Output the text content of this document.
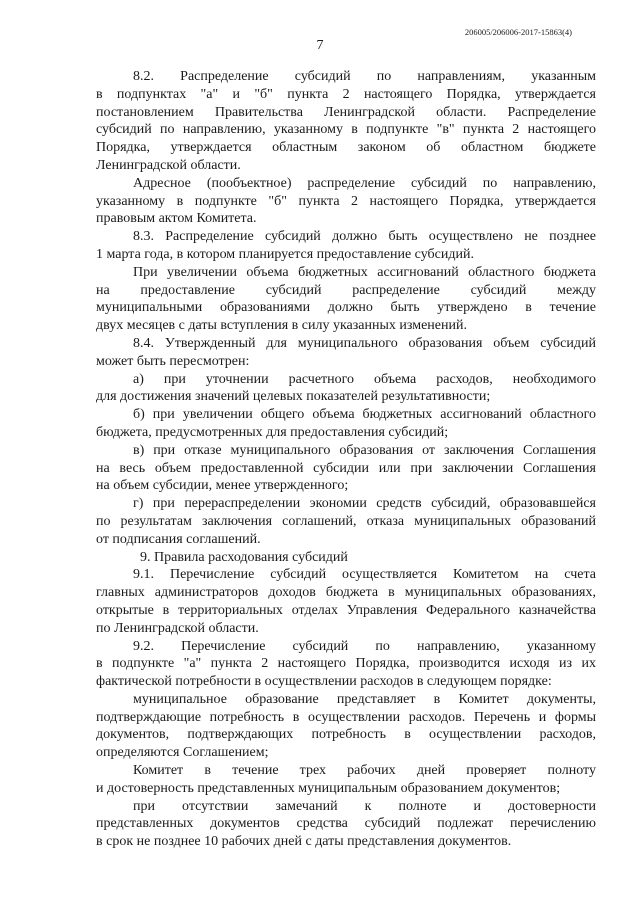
206005/206006-2017-15863(4)
7
8.2. Распределение субсидий по направлениям, указанным
в подпунктах "а" и "б" пункта 2 настоящего Порядка, утверждается
постановлением Правительства Ленинградской области. Распределение
субсидий по направлению, указанному в подпункте "в" пункта 2 настоящего
Порядка, утверждается областным законом об областном бюджете
Ленинградской области.
Адресное (пообъектное) распределение субсидий по направлению,
указанному в подпункте "б" пункта 2 настоящего Порядка, утверждается
правовым актом Комитета.
8.3. Распределение субсидий должно быть осуществлено не позднее
1 марта года, в котором планируется предоставление субсидий.
При увеличении объема бюджетных ассигнований областного бюджета
на предоставление субсидий распределение субсидий между
муниципальными образованиями должно быть утверждено в течение
двух месяцев с даты вступления в силу указанных изменений.
8.4. Утвержденный для муниципального образования объем субсидий
может быть пересмотрен:
а) при уточнении расчетного объема расходов, необходимого
для достижения значений целевых показателей результативности;
б) при увеличении общего объема бюджетных ассигнований областного
бюджета, предусмотренных для предоставления субсидий;
в) при отказе муниципального образования от заключения Соглашения
на весь объем предоставленной субсидии или при заключении Соглашения
на объем субсидии, менее утвержденного;
г) при перераспределении экономии средств субсидий, образовавшейся
по результатам заключения соглашений, отказа муниципальных образований
от подписания соглашений.
9. Правила расходования субсидий
9.1. Перечисление субсидий осуществляется Комитетом на счета
главных администраторов доходов бюджета в муниципальных образованиях,
открытые в территориальных отделах Управления Федерального казначейства
по Ленинградской области.
9.2. Перечисление субсидий по направлению, указанному
в подпункте "а" пункта 2 настоящего Порядка, производится исходя из их
фактической потребности в осуществлении расходов в следующем порядке:
муниципальное образование представляет в Комитет документы,
подтверждающие потребность в осуществлении расходов. Перечень и формы
документов, подтверждающих потребность в осуществлении расходов,
определяются Соглашением;
Комитет в течение трех рабочих дней проверяет полноту
и достоверность представленных муниципальным образованием документов;
при отсутствии замечаний к полноте и достоверности
представленных документов средства субсидий подлежат перечислению
в срок не позднее 10 рабочих дней с даты представления документов.
